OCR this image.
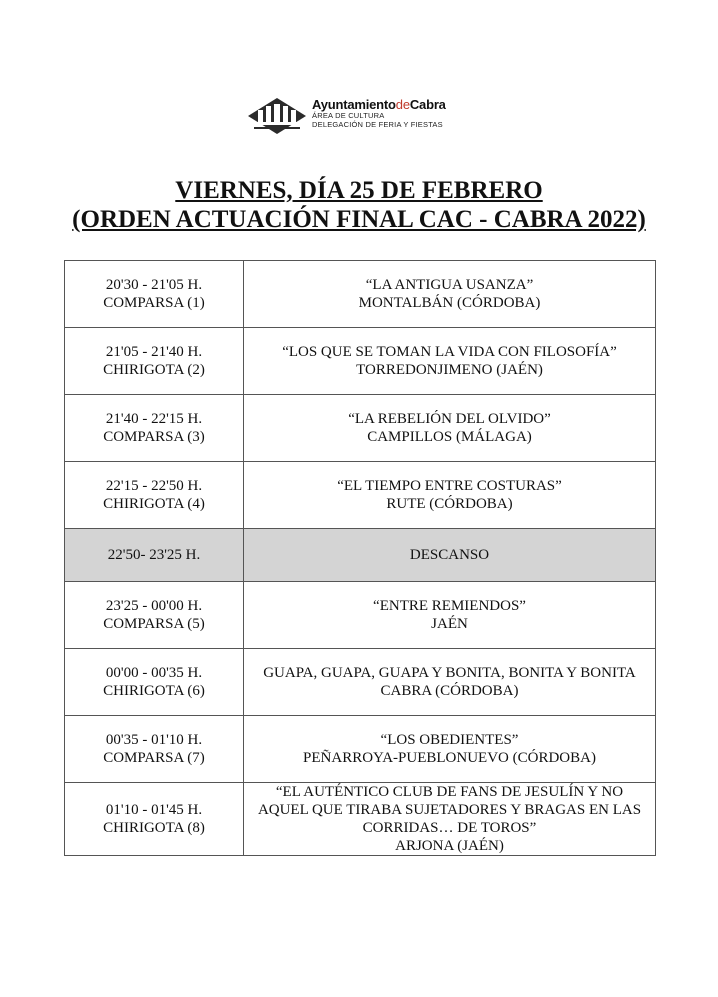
AyuntamientodeCabra
ÁREA DE CULTURA
DELEGACIÓN DE FERIA Y FIESTAS
VIERNES, DÍA 25 DE FEBRERO
(ORDEN ACTUACIÓN FINAL CAC - CABRA 2022)
20'30 - 21'05 H.
COMPARSA (1)	“LA ANTIGUA USANZA”
MONTALBÁN (CÓRDOBA)

21'05 - 21'40 H.
CHIRIGOTA (2)	“LOS QUE SE TOMAN LA VIDA CON FILOSOFÍA”
TORREDONJIMENO (JAÉN)

21'40 - 22'15 H.
COMPARSA (3)	“LA REBELIÓN DEL OLVIDO”
CAMPILLOS (MÁLAGA)

22'15 - 22'50 H.
CHIRIGOTA (4)	“EL TIEMPO ENTRE COSTURAS”
RUTE (CÓRDOBA)

22'50- 23'25 H.	DESCANSO

23'25 - 00'00 H.
COMPARSA (5)	“ENTRE REMIENDOS”
JAÉN

00'00 - 00'35 H.
CHIRIGOTA (6)	GUAPA, GUAPA, GUAPA Y BONITA, BONITA Y BONITA
CABRA (CÓRDOBA)

00'35 - 01'10 H.
COMPARSA (7)	“LOS OBEDIENTES”
PEÑARROYA-PUEBLONUEVO (CÓRDOBA)

01'10 - 01'45 H.
CHIRIGOTA (8)	“EL AUTÉNTICO CLUB DE FANS DE JESULÍN Y NO
AQUEL QUE TIRABA SUJETADORES Y BRAGAS EN LAS
CORRIDAS… DE TOROS”
ARJONA (JAÉN)
